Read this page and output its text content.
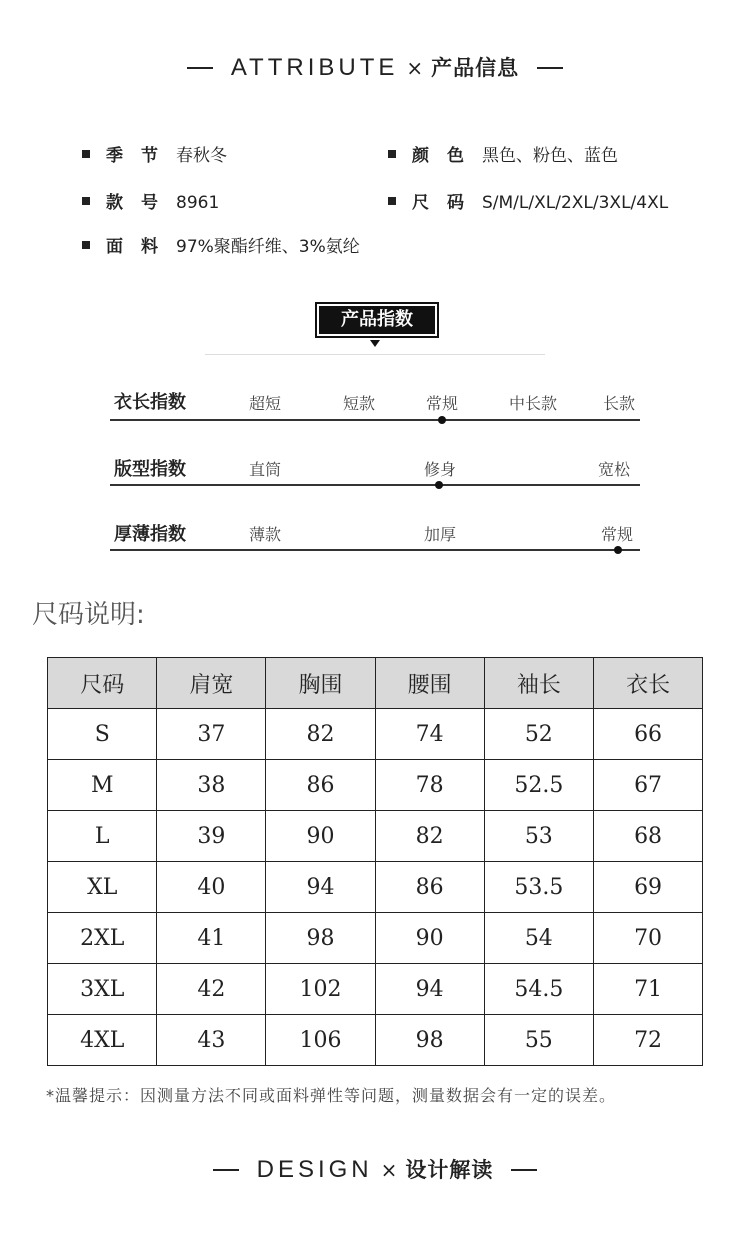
ATTRIBUTE × 产品信息
季节春秋冬	颜色黑色、粉色、蓝色
款号8961	尺码S/M/L/XL/2XL/3XL/4XL
面料97%聚酯纤维、3%氨纶
产品指数
衣长指数	超短	短款	常规	中长款	长款
版型指数	直筒	修身	宽松
厚薄指数	薄款	加厚	常规
尺码说明:
尺码	肩宽	胸围	腰围	袖长	衣长
S	37	82	74	52	66
M	38	86	78	52.5	67
L	39	90	82	53	68
XL	40	94	86	53.5	69
2XL	41	98	90	54	70
3XL	42	102	94	54.5	71
4XL	43	106	98	55	72
*温馨提示：因测量方法不同或面料弹性等问题，测量数据会有一定的误差。
DESIGN × 设计解读
